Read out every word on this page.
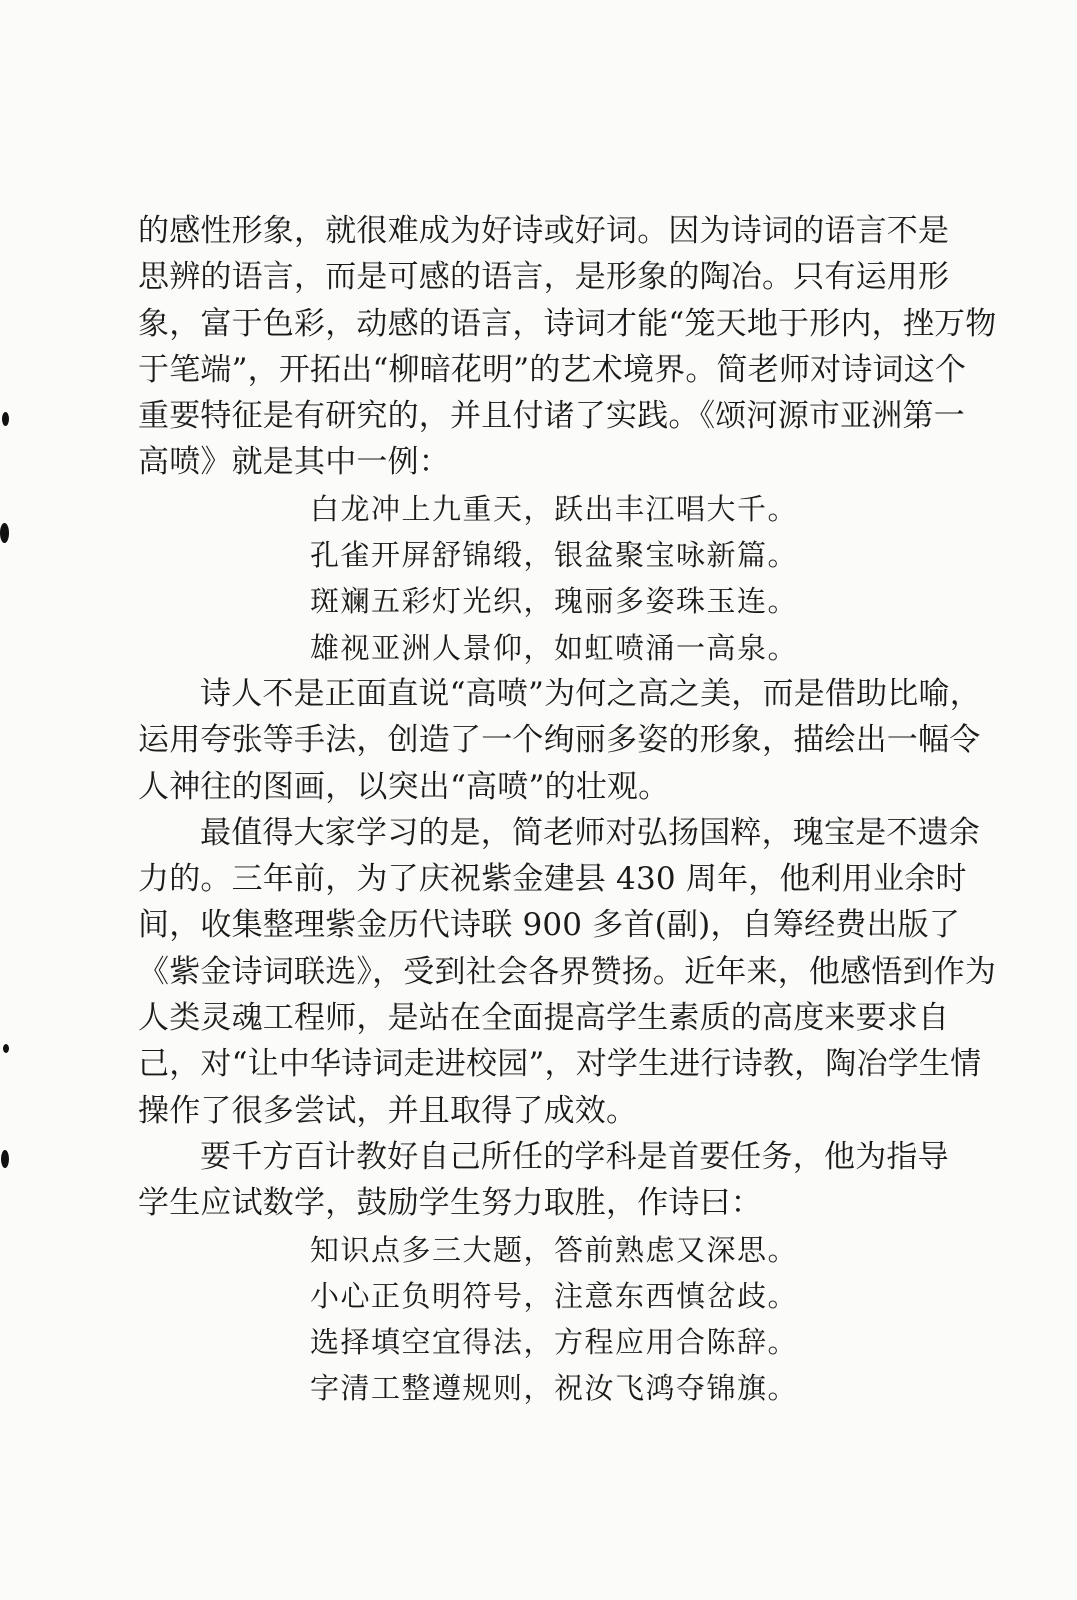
的感性形象，就很难成为好诗或好词。因为诗词的语言不是
思辨的语言，而是可感的语言，是形象的陶冶。只有运用形
象，富于色彩，动感的语言，诗词才能“笼天地于形内，挫万物
于笔端”，开拓出“柳暗花明”的艺术境界。简老师对诗词这个
重要特征是有研究的，并且付诸了实践。《颂河源市亚洲第一
高喷》就是其中一例：

白龙冲上九重天，跃出丰江唱大千。
孔雀开屏舒锦缎，银盆聚宝咏新篇。
斑斓五彩灯光织，瑰丽多姿珠玉连。
雄视亚洲人景仰，如虹喷涌一高泉。

诗人不是正面直说“高喷”为何之高之美，而是借助比喻，
运用夸张等手法，创造了一个绚丽多姿的形象，描绘出一幅令
人神往的图画，以突出“高喷”的壮观。

最值得大家学习的是，简老师对弘扬国粹，瑰宝是不遗余
力的。三年前，为了庆祝紫金建县 430 周年，他利用业余时
间，收集整理紫金历代诗联 900 多首(副)，自筹经费出版了
《紫金诗词联选》，受到社会各界赞扬。近年来，他感悟到作为
人类灵魂工程师，是站在全面提高学生素质的高度来要求自
己，对“让中华诗词走进校园”，对学生进行诗教，陶冶学生情
操作了很多尝试，并且取得了成效。

要千方百计教好自己所任的学科是首要任务，他为指导
学生应试数学，鼓励学生努力取胜，作诗曰：

知识点多三大题，答前熟虑又深思。
小心正负明符号，注意东西慎岔歧。
选择填空宜得法，方程应用合陈辞。
字清工整遵规则，祝汝飞鸿夺锦旗。
